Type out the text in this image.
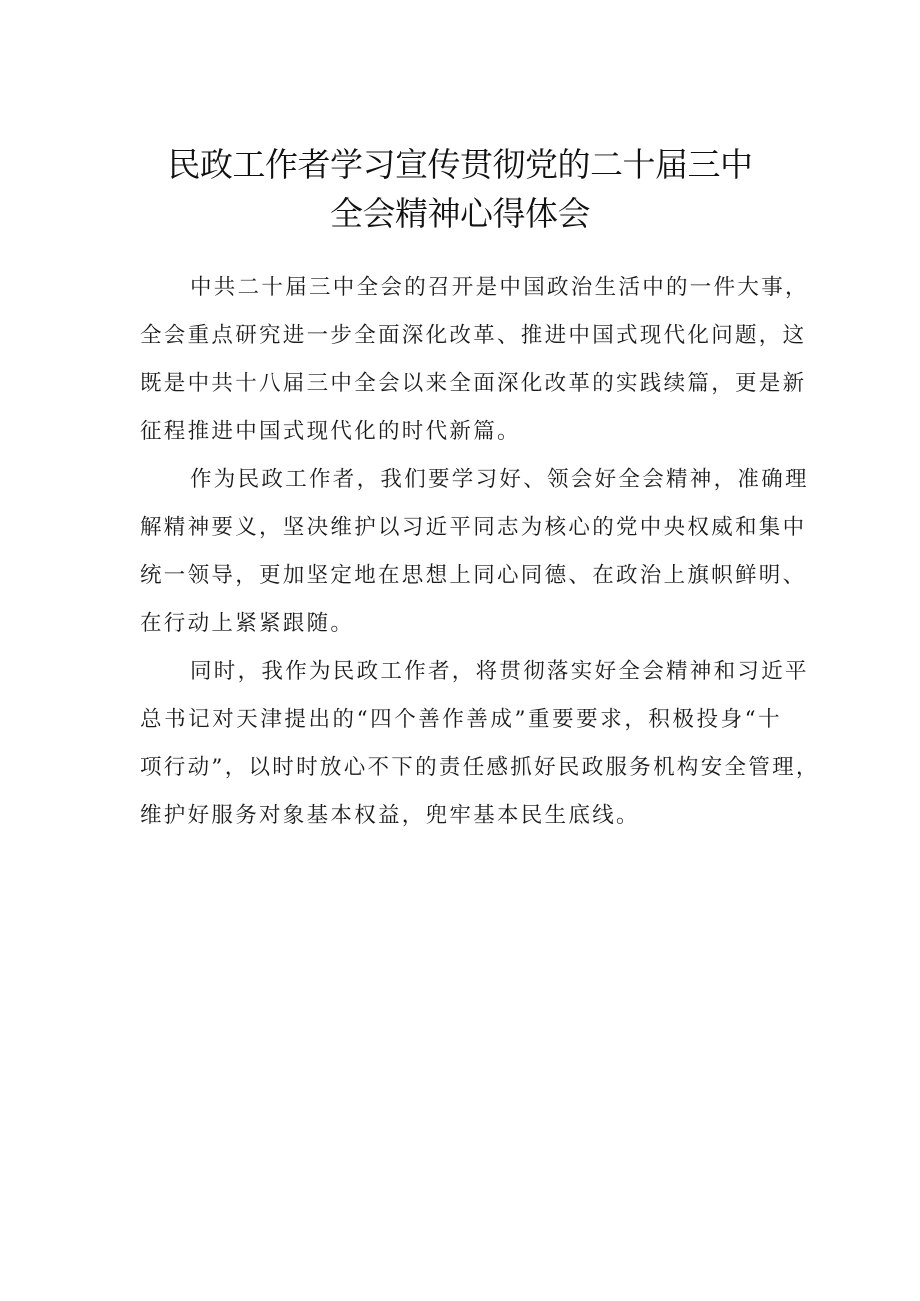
民政工作者学习宣传贯彻党的二十届三中
全会精神心得体会
中共二十届三中全会的召开是中国政治生活中的一件大事，
全会重点研究进一步全面深化改革、推进中国式现代化问题，这
既是中共十八届三中全会以来全面深化改革的实践续篇，更是新
征程推进中国式现代化的时代新篇。
作为民政工作者，我们要学习好、领会好全会精神，准确理
解精神要义，坚决维护以习近平同志为核心的党中央权威和集中
统一领导，更加坚定地在思想上同心同德、在政治上旗帜鲜明、
在行动上紧紧跟随。
同时，我作为民政工作者，将贯彻落实好全会精神和习近平
总书记对天津提出的“四个善作善成”重要要求，积极投身“十
项行动”，以时时放心不下的责任感抓好民政服务机构安全管理，
维护好服务对象基本权益，兜牢基本民生底线。
